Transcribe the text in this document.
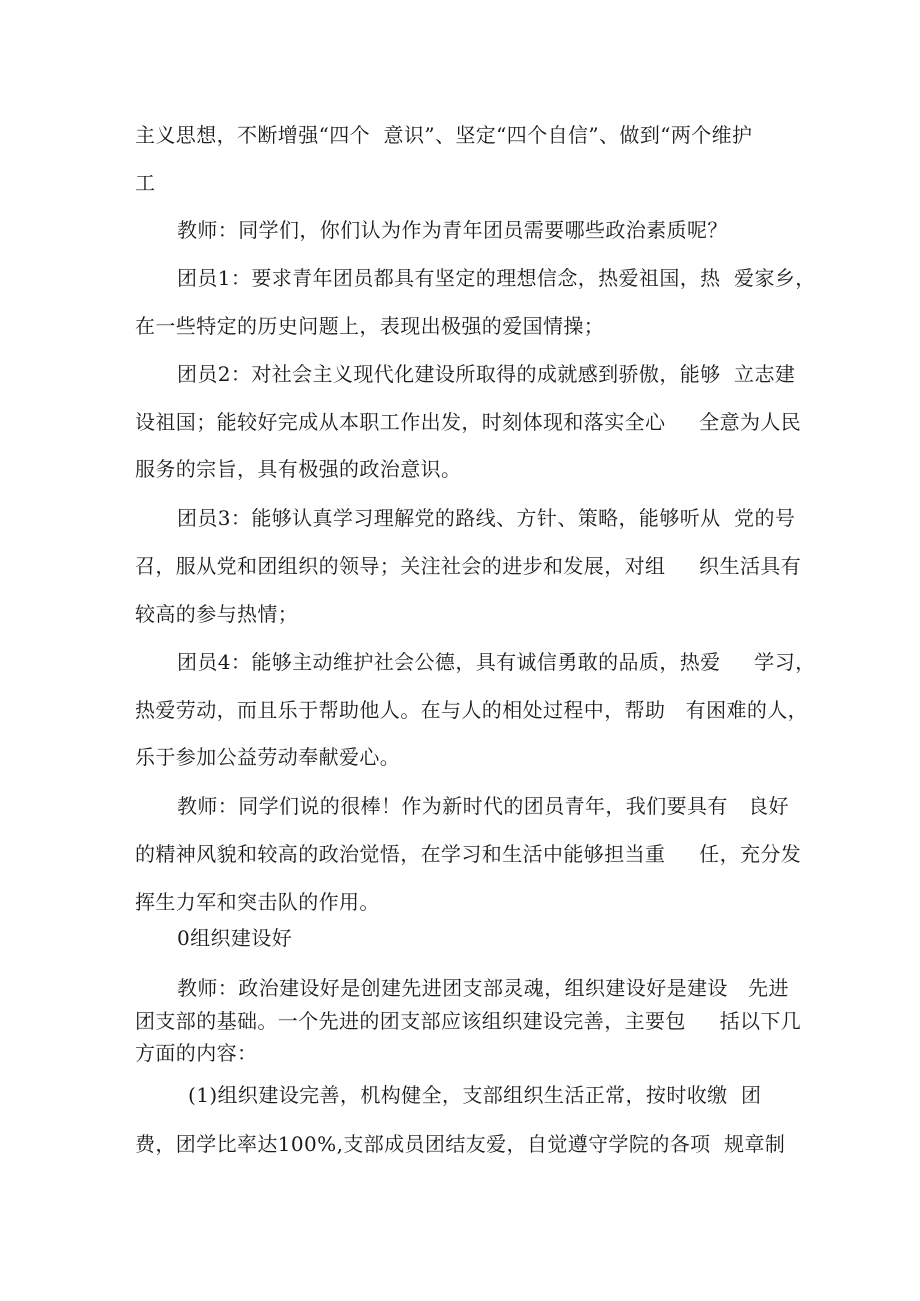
主义思想，不断增强“四个  意识”、坚定“四个自信”、做到“两个维护

工

教师：同学们，你们认为作为青年团员需要哪些政治素质呢？

团员1：要求青年团员都具有坚定的理想信念，热爱祖国，热  爱家乡，

在一些特定的历史问题上，表现出极强的爱国情操；

团员2：对社会主义现代化建设所取得的成就感到骄傲，能够  立志建

设祖国；能较好完成从本职工作出发，时刻体现和落实全心     全意为人民

服务的宗旨，具有极强的政治意识。

团员3：能够认真学习理解党的路线、方针、策略，能够听从  党的号

召，服从党和团组织的领导；关注社会的进步和发展，对组     织生活具有

较高的参与热情；

团员4：能够主动维护社会公德，具有诚信勇敢的品质，热爱     学习，

热爱劳动，而且乐于帮助他人。在与人的相处过程中，帮助   有困难的人，

乐于参加公益劳动奉献爱心。

教师：同学们说的很棒！作为新时代的团员青年，我们要具有   良好

的精神风貌和较高的政治觉悟，在学习和生活中能够担当重     任，充分发

挥生力军和突击队的作用。

0组织建设好

教师：政治建设好是创建先进团支部灵魂，组织建设好是建设   先进

团支部的基础。一个先进的团支部应该组织建设完善，主要包     括以下几

方面的内容：

(1)组织建设完善，机构健全，支部组织生活正常，按时收缴  团

费，团学比率达100%,支部成员团结友爱，自觉遵守学院的各项  规章制
